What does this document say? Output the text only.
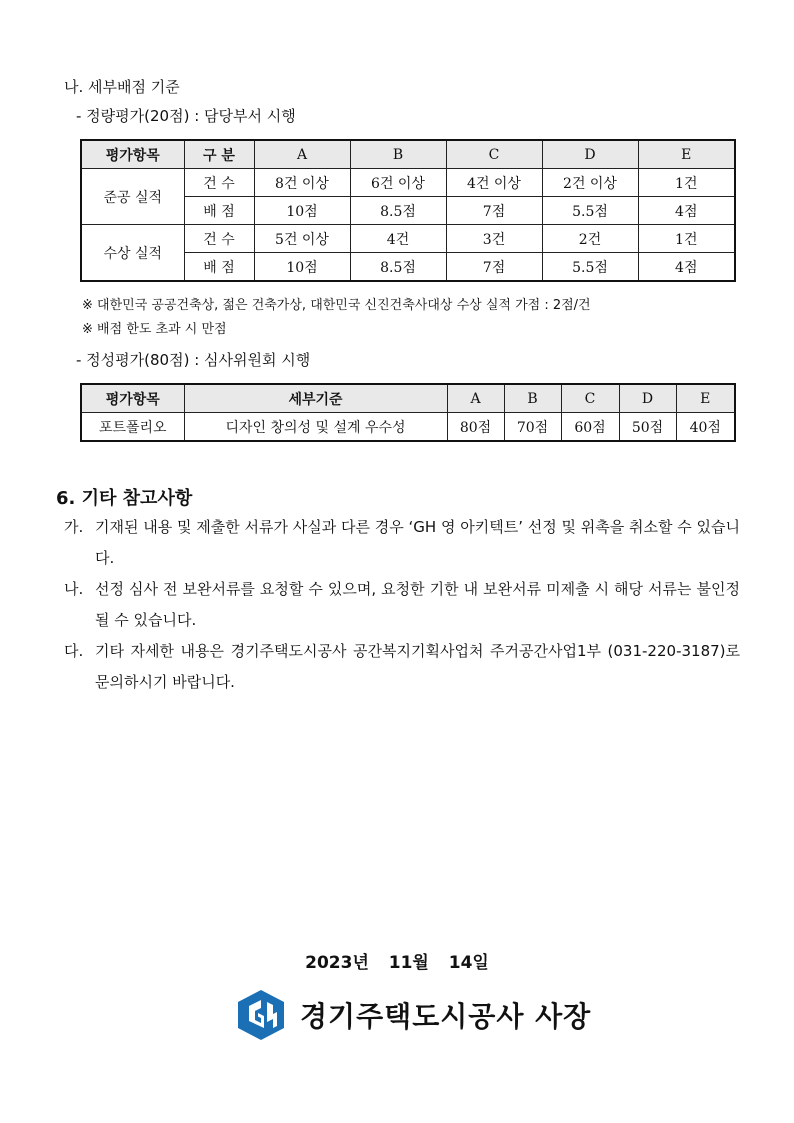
나. 세부배점 기준
- 정량평가(20점) : 담당부서 시행
평가항목	구 분	A	B	C	D	E
준공 실적	건 수	8건 이상	6건 이상	4건 이상	2건 이상	1건
	배 점	10점	8.5점	7점	5.5점	4점
수상 실적	건 수	5건 이상	4건	3건	2건	1건
	배 점	10점	8.5점	7점	5.5점	4점
※ 대한민국 공공건축상, 젊은 건축가상, 대한민국 신진건축사대상 수상 실적 가점 : 2점/건
※ 배점 한도 초과 시 만점
- 정성평가(80점) : 심사위원회 시행
평가항목	세부기준	A	B	C	D	E
포트폴리오	디자인 창의성 및 설계 우수성	80점	70점	60점	50점	40점
6. 기타 참고사항
가. 기재된 내용 및 제출한 서류가 사실과 다른 경우 ‘GH 영 아키텍트’ 선정 및 위촉을 취소할 수 있습니다.
나. 선정 심사 전 보완서류를 요청할 수 있으며, 요청한 기한 내 보완서류 미제출 시 해당 서류는 불인정 될 수 있습니다.
다. 기타 자세한 내용은 경기주택도시공사 공간복지기획사업처 주거공간사업1부 (031-220-3187)로 문의하시기 바랍니다.
2023년 11월 14일
경기주택도시공사 사장
